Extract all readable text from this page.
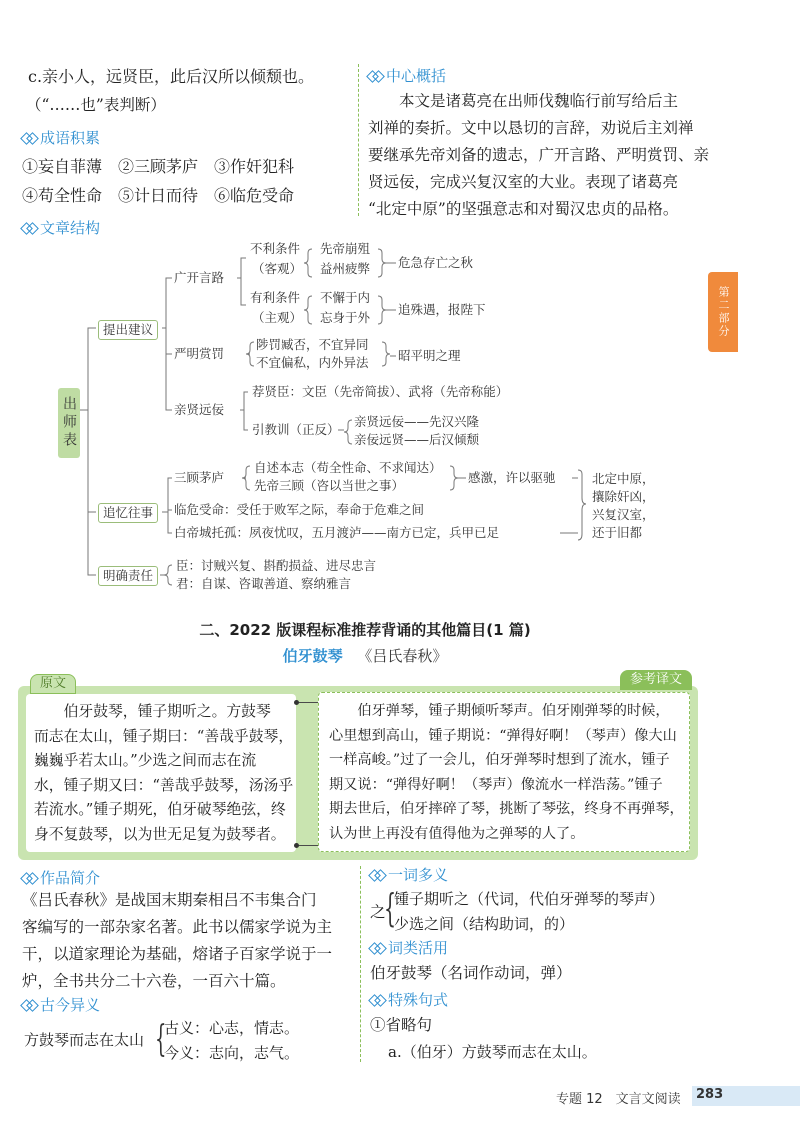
c.亲小人，远贤臣，此后汉所以倾颓也。
（“……也”表判断）
成语积累
①妄自菲薄　②三顾茅庐　③作奸犯科
④苟全性命　⑤计日而待　⑥临危受命
中心概括
　　本文是诸葛亮在出师伐魏临行前写给后主
刘禅的奏折。文中以恳切的言辞，劝说后主刘禅
要继承先帝刘备的遗志，广开言路、严明赏罚、亲
贤远佞，完成兴复汉室的大业。表现了诸葛亮
“北定中原”的坚强意志和对蜀汉忠贞的品格。
第二部分
文章结构
出师表
提出建议
广开言路
不利条件
（客观）
先帝崩殂
益州疲弊 危急存亡之秋
有利条件
（主观）
不懈于内
忘身于外
追殊遇，报陛下
严明赏罚
陟罚臧否，不宜异同
不宜偏私，内外异法 昭平明之理
亲贤远佞
荐贤臣：文臣（先帝简拔）、武将（先帝称能）
引教训（正反）
亲贤远佞——先汉兴隆
亲佞远贤——后汉倾颓
追忆往事
三顾茅庐
自述本志（苟全性命、不求闻达）
先帝三顾（咨以当世之事）
感激，许以驱驰
临危受命：受任于败军之际，奉命于危难之间
白帝城托孤：夙夜忧叹，五月渡泸——南方已定，兵甲已足
北定中原，
攘除奸凶，
兴复汉室，
还于旧都
明确责任
臣：讨贼兴复、斟酌损益、进尽忠言
君：自谋、咨诹善道、察纳雅言
二、2022 版课程标准推荐背诵的其他篇目(1 篇)
伯牙鼓琴 《吕氏春秋》
原文	参考译文
　　伯牙鼓琴，锺子期听之。方鼓琴
而志在太山，锺子期曰：“善哉乎鼓琴，
巍巍乎若太山。”少选之间而志在流
水，锺子期又曰：“善哉乎鼓琴，汤汤乎
若流水。”锺子期死，伯牙破琴绝弦，终
身不复鼓琴，以为世无足复为鼓琴者。
　　伯牙弹琴，锺子期倾听琴声。伯牙刚弹琴的时候，
心里想到高山，锺子期说：“弹得好啊！（琴声）像大山
一样高峻。”过了一会儿，伯牙弹琴时想到了流水，锺子
期又说：“弹得好啊！（琴声）像流水一样浩荡。”锺子
期去世后，伯牙摔碎了琴，挑断了琴弦，终身不再弹琴，
认为世上再没有值得他为之弹琴的人了。
作品简介
《吕氏春秋》是战国末期秦相吕不韦集合门
客编写的一部杂家名著。此书以儒家学说为主
干，以道家理论为基础，熔诸子百家学说于一
炉，全书共分二十六卷，一百六十篇。
古今异义
方鼓琴而志在太山 {
古义：心志，情志。
今义：志向，志气。
一词多义
之
{
锺子期听之（代词，代伯牙弹琴的琴声）
少选之间（结构助词，的）
词类活用
伯牙鼓琴（名词作动词，弹）
特殊句式
①省略句
a.（伯牙）方鼓琴而志在太山。
专题 12　文言文阅读 283
